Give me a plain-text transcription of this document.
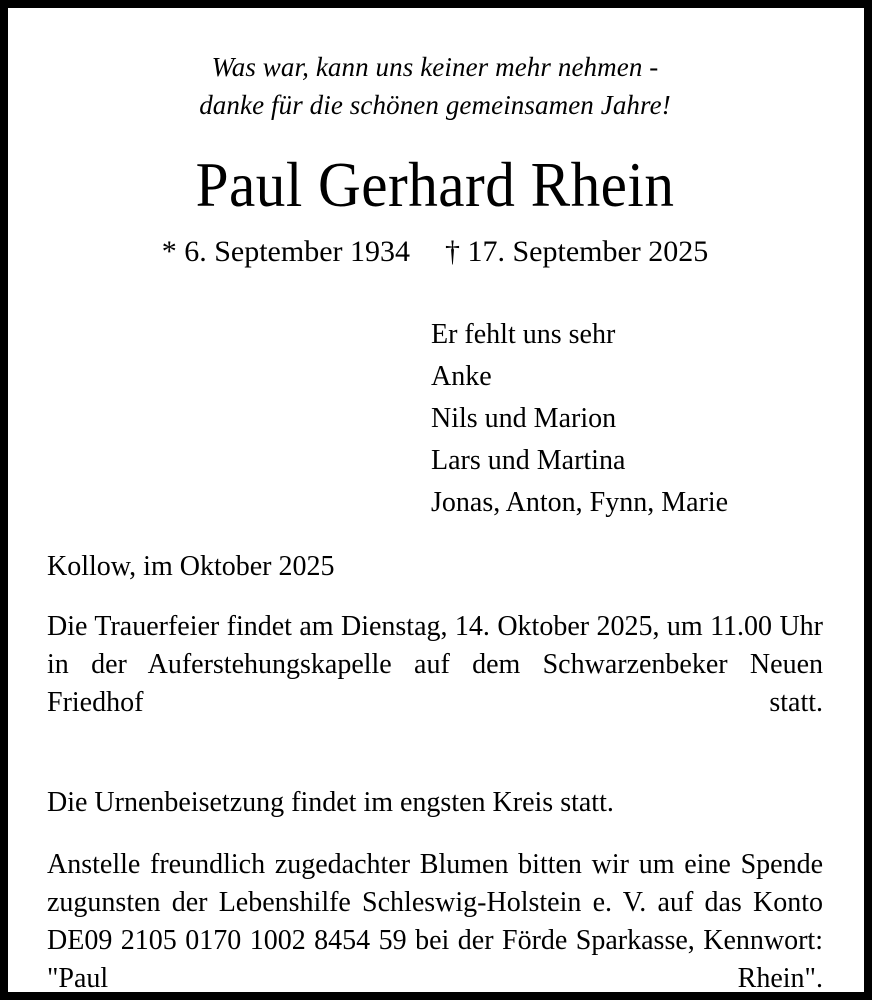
Was war, kann uns keiner mehr nehmen -
danke für die schönen gemeinsamen Jahre!
Paul Gerhard Rhein
* 6. September 1934 † 17. September 2025
Er fehlt uns sehr
Anke
Nils und Marion
Lars und Martina
Jonas, Anton, Fynn, Marie
Kollow, im Oktober 2025
Die Trauerfeier findet am Dienstag, 14. Oktober 2025, um 11.00 Uhr in der Auferstehungskapelle auf dem Schwarzenbeker Neuen Friedhof statt.
Die Urnenbeisetzung findet im engsten Kreis statt.
Anstelle freundlich zugedachter Blumen bitten wir um eine Spende zugunsten der Lebenshilfe Schleswig-Holstein e. V. auf das Konto DE09 2105 0170 1002 8454 59 bei der Förde Sparkasse, Kennwort: "Paul Rhein".
